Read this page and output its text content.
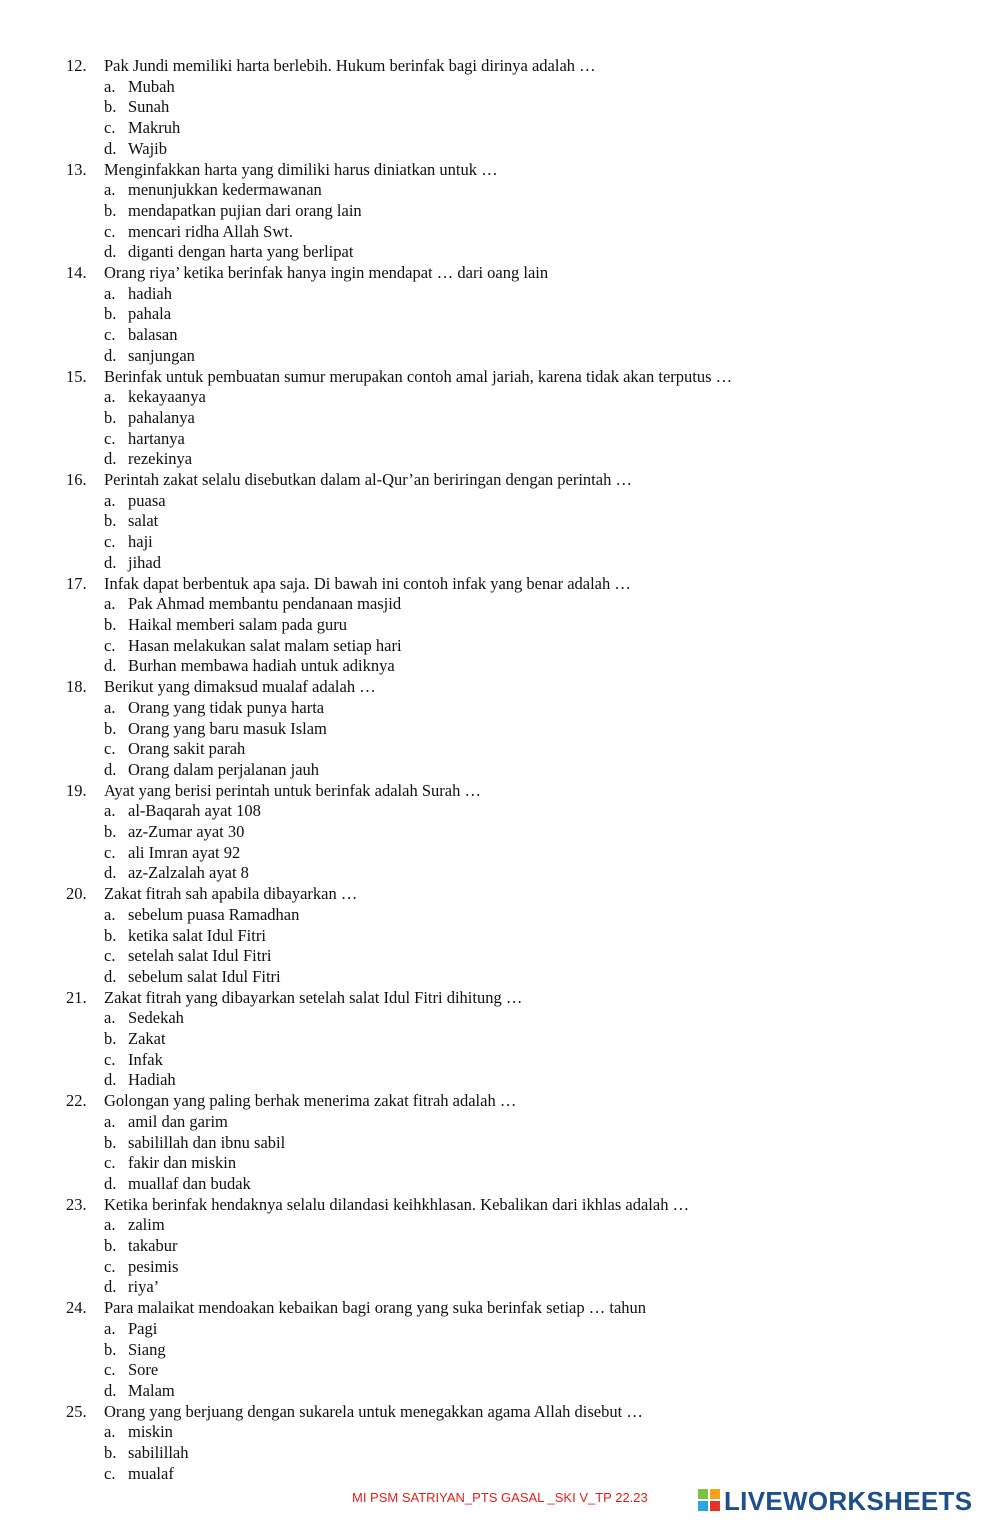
12.	Pak Jundi memiliki harta berlebih. Hukum berinfak bagi dirinya adalah …
a. Mubah
b. Sunah
c. Makruh
d. Wajib
13.	Menginfakkan harta yang dimiliki harus diniatkan untuk …
a. menunjukkan kedermawanan
b. mendapatkan pujian dari orang lain
c. mencari ridha Allah Swt.
d. diganti dengan harta yang berlipat
14.	Orang riya’ ketika berinfak hanya ingin mendapat … dari oang lain
a. hadiah
b. pahala
c. balasan
d. sanjungan
15.	Berinfak untuk pembuatan sumur merupakan contoh amal jariah, karena tidak akan terputus …
a. kekayaanya
b. pahalanya
c. hartanya
d. rezekinya
16.	Perintah zakat selalu disebutkan dalam al-Qur’an beriringan dengan perintah …
a. puasa
b. salat
c. haji
d. jihad
17.	Infak dapat berbentuk apa saja. Di bawah ini contoh infak yang benar adalah …
a. Pak Ahmad membantu pendanaan masjid
b. Haikal memberi salam pada guru
c. Hasan melakukan salat malam setiap hari
d. Burhan membawa hadiah untuk adiknya
18.	Berikut yang dimaksud mualaf adalah …
a. Orang yang tidak punya harta
b. Orang yang baru masuk Islam
c. Orang sakit parah
d. Orang dalam perjalanan jauh
19.	Ayat yang berisi perintah untuk berinfak adalah Surah …
a. al-Baqarah ayat 108
b. az-Zumar ayat 30
c. ali Imran ayat 92
d. az-Zalzalah ayat 8
20.	Zakat fitrah sah apabila dibayarkan …
a. sebelum puasa Ramadhan
b. ketika salat Idul Fitri
c. setelah salat Idul Fitri
d. sebelum salat Idul Fitri
21.	Zakat fitrah yang dibayarkan setelah salat Idul Fitri dihitung …
a. Sedekah
b. Zakat
c. Infak
d. Hadiah
22.	Golongan yang paling berhak menerima zakat fitrah adalah …
a. amil dan garim
b. sabilillah dan ibnu sabil
c. fakir dan miskin
d. muallaf dan budak
23.	Ketika berinfak hendaknya selalu dilandasi keihkhlasan. Kebalikan dari ikhlas adalah …
a. zalim
b. takabur
c. pesimis
d. riya’
24.	Para malaikat mendoakan kebaikan bagi orang yang suka berinfak setiap … tahun
a. Pagi
b. Siang
c. Sore
d. Malam
25.	Orang yang berjuang dengan sukarela untuk menegakkan agama Allah disebut …
a. miskin
b. sabilillah
c. mualaf
MI PSM SATRIYAN_PTS GASAL _SKI V_TP 22.23	LIVEWORKSHEETS
